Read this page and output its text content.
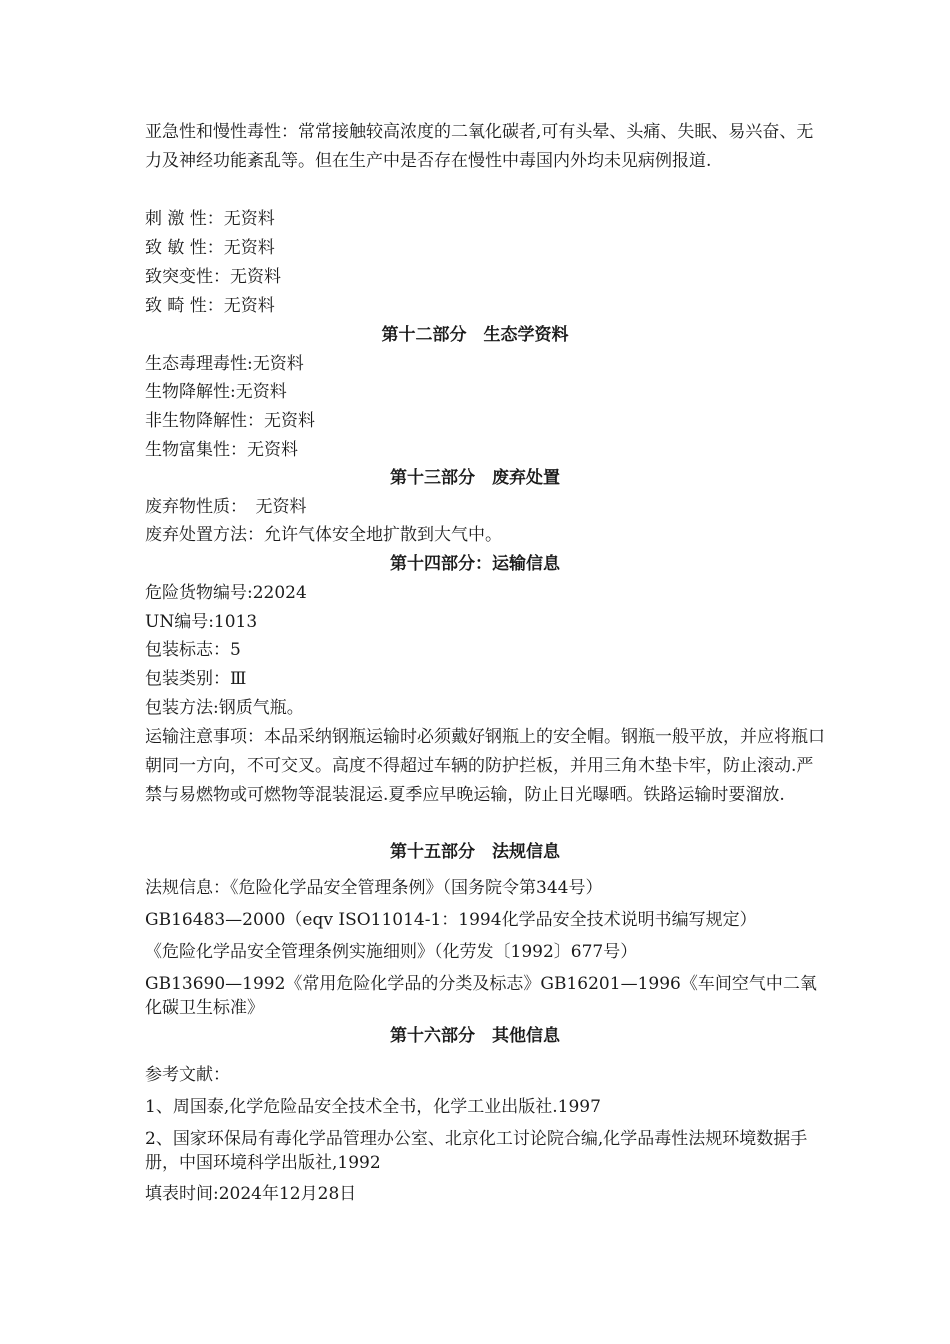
亚急性和慢性毒性：常常接触较高浓度的二氧化碳者,可有头晕、头痛、失眠、易兴奋、无力及神经功能紊乱等。但在生产中是否存在慢性中毒国内外均未见病例报道.

刺 激 性：无资料

致 敏 性：无资料

致突变性：无资料

致 畸 性：无资料

第十二部分　生态学资料

生态毒理毒性:无资料

生物降解性:无资料

非生物降解性：无资料

生物富集性：无资料

第十三部分　废弃处置

废弃物性质：　无资料

废弃处置方法：允许气体安全地扩散到大气中。

第十四部分：运输信息

危险货物编号:22024

UN编号:1013

包装标志：5

包装类别：Ⅲ

包装方法:钢质气瓶。

运输注意事项：本品采纳钢瓶运输时必须戴好钢瓶上的安全帽。钢瓶一般平放，并应将瓶口朝同一方向，不可交叉。高度不得超过车辆的防护拦板，并用三角木垫卡牢，防止滚动.严禁与易燃物或可燃物等混装混运.夏季应早晚运输，防止日光曝晒。铁路运输时要溜放.

第十五部分　法规信息

法规信息：《危险化学品安全管理条例》（国务院令第344号）

GB16483—2000（eqv ISO11014-1：1994化学品安全技术说明书编写规定）

《危险化学品安全管理条例实施细则》（化劳发〔1992〕677号）

GB13690—1992《常用危险化学品的分类及标志》GB16201—1996《车间空气中二氧化碳卫生标准》

第十六部分　其他信息

参考文献：

1、周国泰,化学危险品安全技术全书，化学工业出版社.1997

2、国家环保局有毒化学品管理办公室、北京化工讨论院合编,化学品毒性法规环境数据手册，中国环境科学出版社,1992

填表时间:2024年12月28日
